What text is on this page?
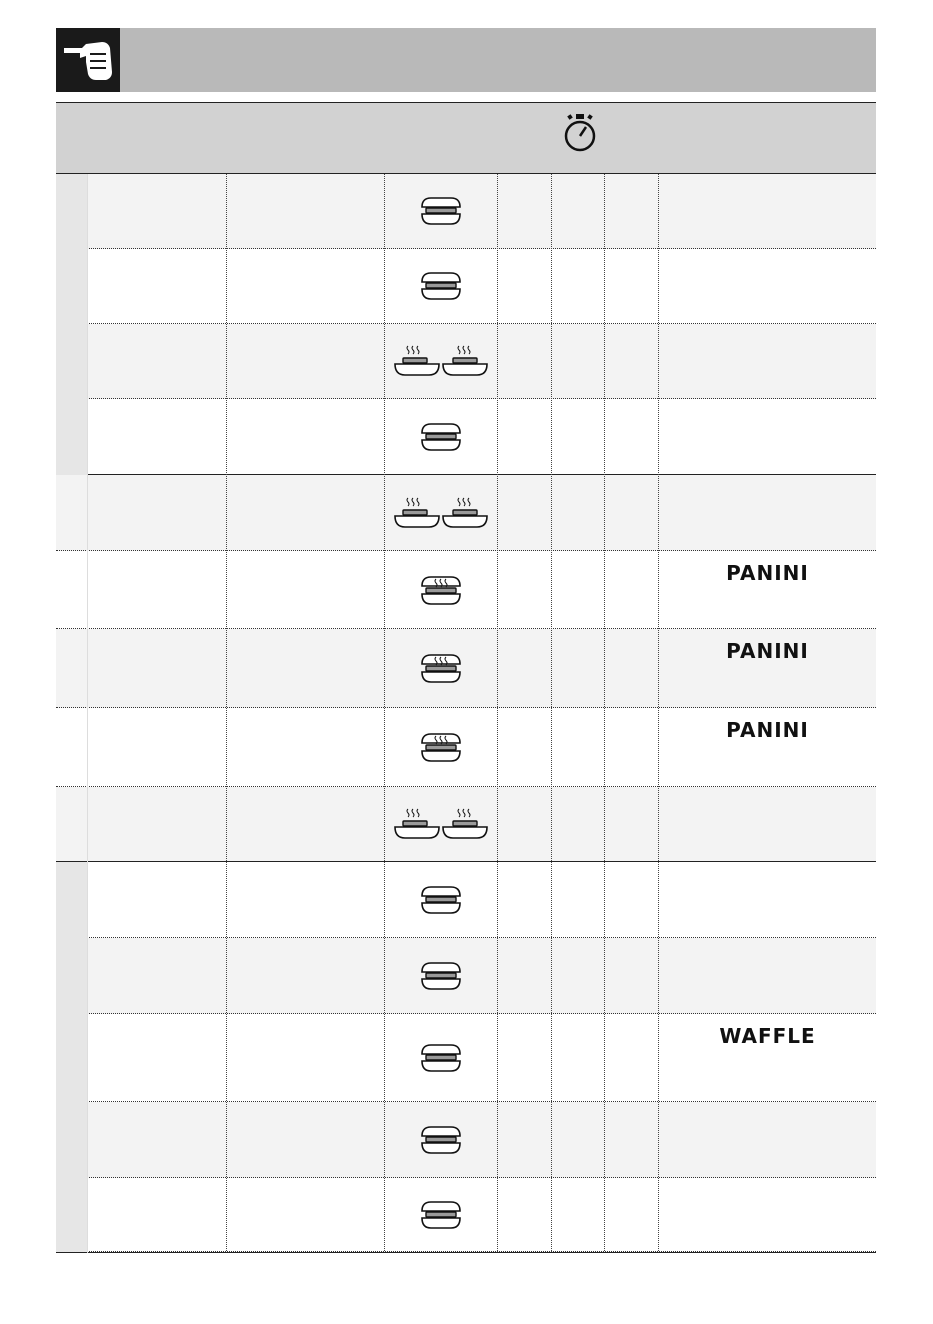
PANINI
PANINI
PANINI
WAFFLE
